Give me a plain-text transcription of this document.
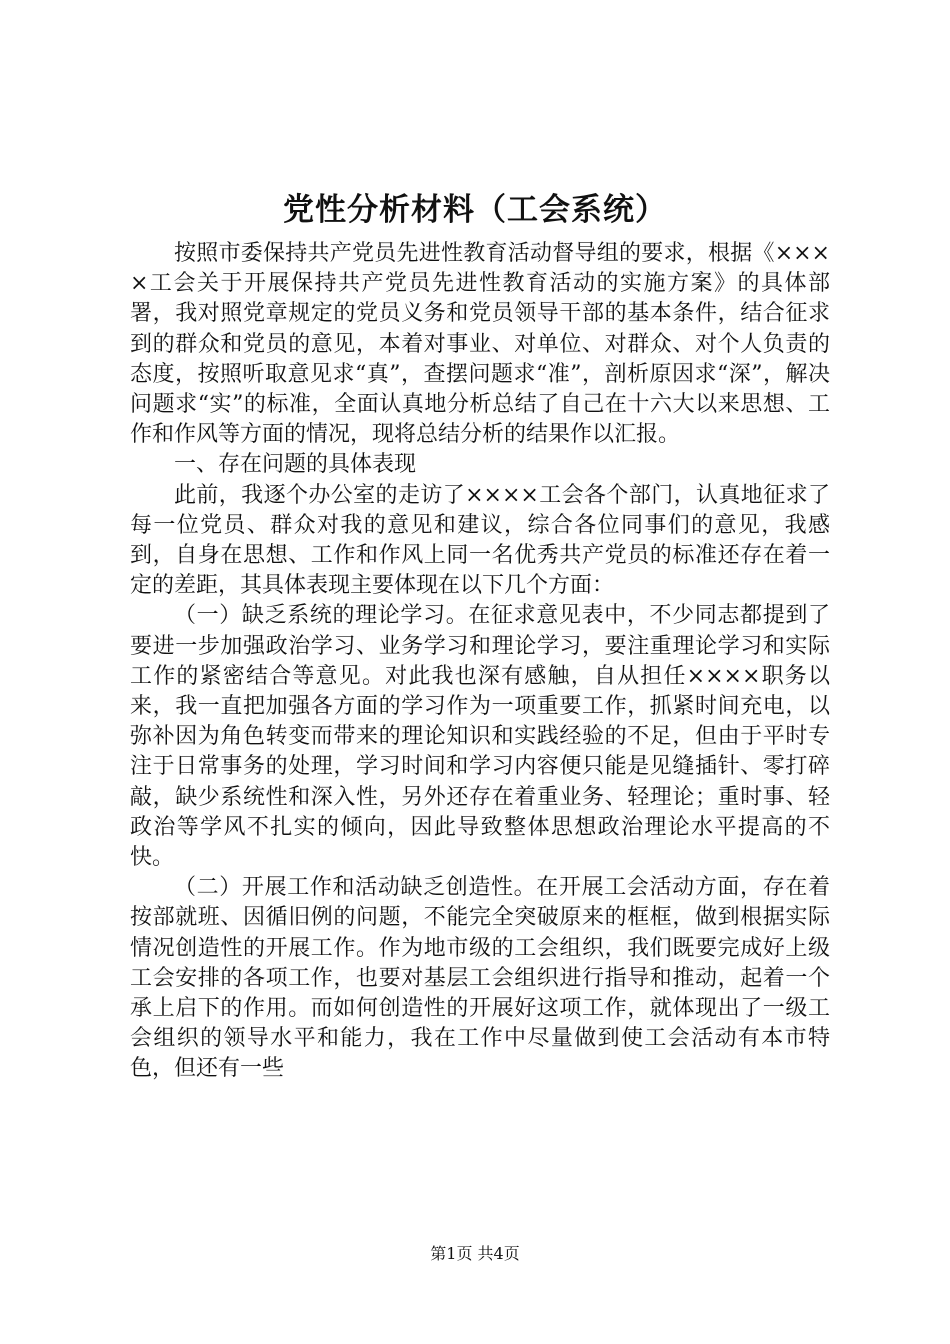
党性分析材料（工会系统）

按照市委保持共产党员先进性教育活动督导组的要求，根据《××××工会关于开展保持共产党员先进性教育活动的实施方案》的具体部署，我对照党章规定的党员义务和党员领导干部的基本条件，结合征求到的群众和党员的意见，本着对事业、对单位、对群众、对个人负责的态度，按照听取意见求“真”，查摆问题求“准”，剖析原因求“深”，解决问题求“实”的标准，全面认真地分析总结了自己在十六大以来思想、工作和作风等方面的情况，现将总结分析的结果作以汇报。

一、存在问题的具体表现

此前，我逐个办公室的走访了××××工会各个部门，认真地征求了每一位党员、群众对我的意见和建议，综合各位同事们的意见，我感到，自身在思想、工作和作风上同一名优秀共产党员的标准还存在着一定的差距，其具体表现主要体现在以下几个方面：

（一）缺乏系统的理论学习。在征求意见表中，不少同志都提到了要进一步加强政治学习、业务学习和理论学习，要注重理论学习和实际工作的紧密结合等意见。对此我也深有感触，自从担任××××职务以来，我一直把加强各方面的学习作为一项重要工作，抓紧时间充电，以弥补因为角色转变而带来的理论知识和实践经验的不足，但由于平时专注于日常事务的处理，学习时间和学习内容便只能是见缝插针、零打碎敲，缺少系统性和深入性，另外还存在着重业务、轻理论；重时事、轻政治等学风不扎实的倾向，因此导致整体思想政治理论水平提高的不快。

（二）开展工作和活动缺乏创造性。在开展工会活动方面，存在着按部就班、因循旧例的问题，不能完全突破原来的框框，做到根据实际情况创造性的开展工作。作为地市级的工会组织，我们既要完成好上级工会安排的各项工作，也要对基层工会组织进行指导和推动，起着一个承上启下的作用。而如何创造性的开展好这项工作，就体现出了一级工会组织的领导水平和能力，我在工作中尽量做到使工会活动有本市特色，但还有一些

第1页 共4页
